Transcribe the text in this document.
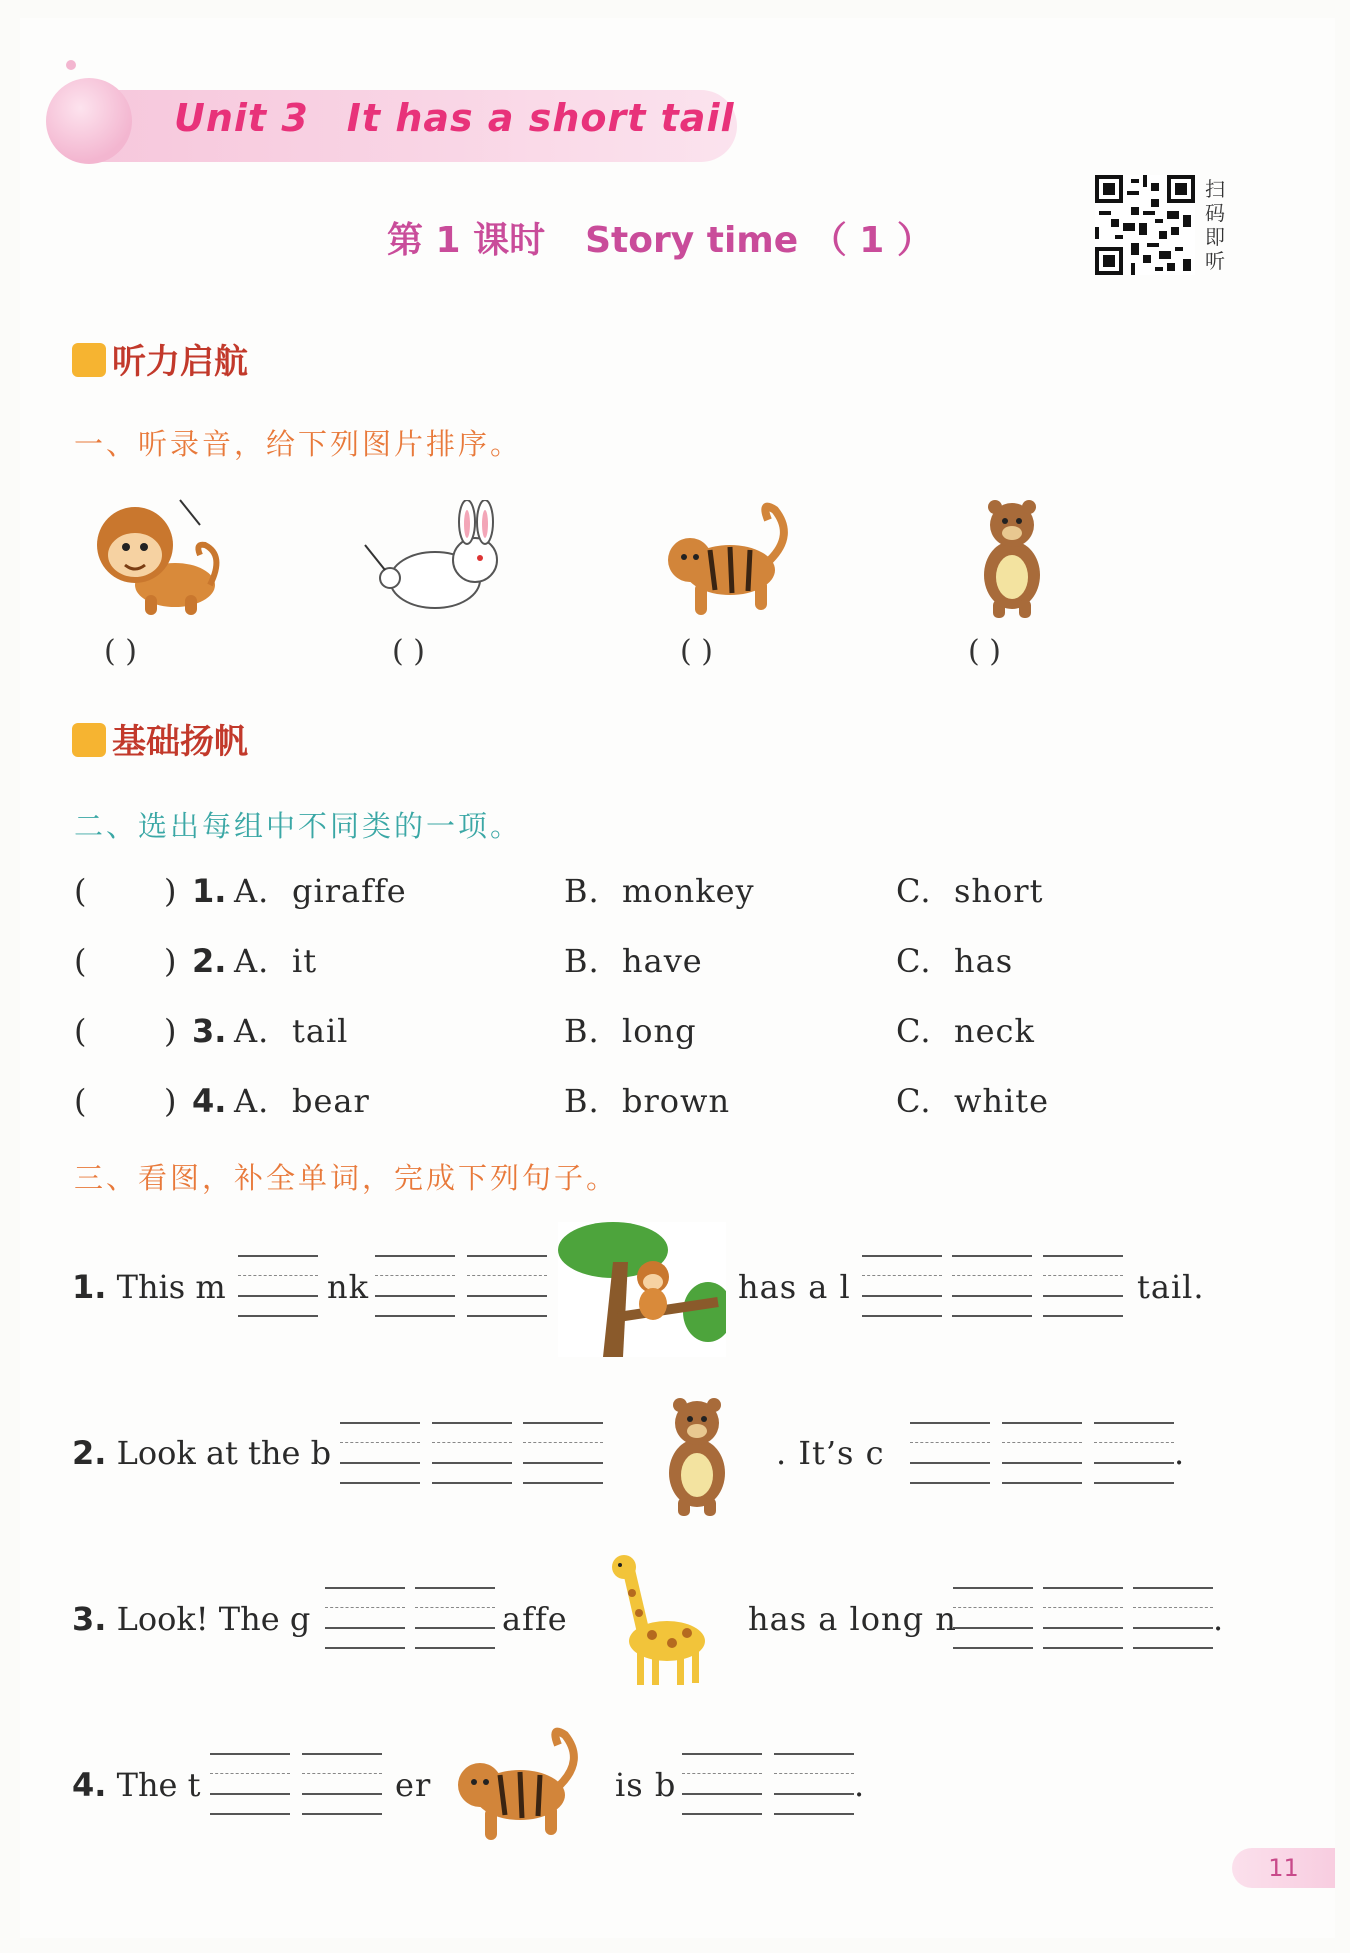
Unit 3 It has a short tail
第 1 课时 Story time （ 1 ）
扫
码
即
听
听力启航
一、听录音，给下列图片排序。
( )	( )	( )	( )
基础扬帆
二、选出每组中不同类的一项。
( ) 1. A. giraffe	B. monkey	C. short
( ) 2. A. it	B. have	C. has
( ) 3. A. tail	B. long	C. neck
( ) 4. A. bear	B. brown	C. white
三、看图，补全单词，完成下列句子。
1. This m	nk	has a l	tail.
2. Look at the b	. It’s c	.
3. Look! The g	affe	has a long n	.
4. The t	er	is b	.
11
